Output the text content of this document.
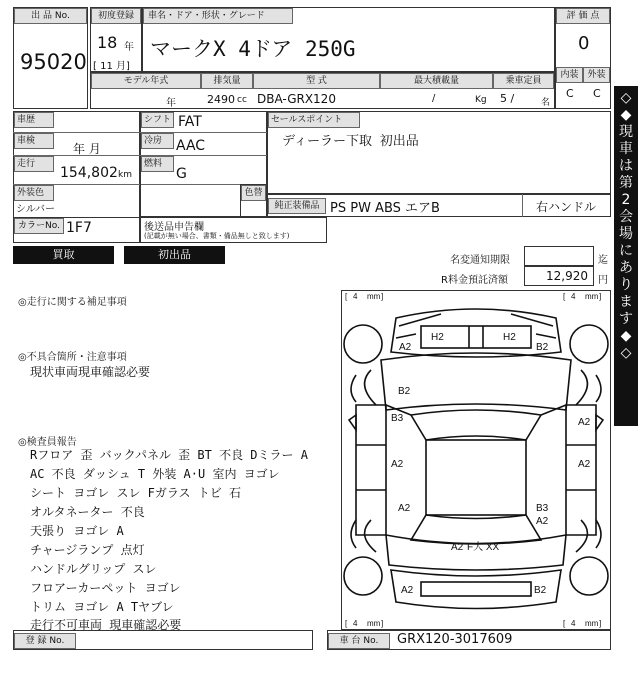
出 品 No.
95020
初度登録
18 年
[ 11 月]
車名・ドア・形状・グレード
マークX 4ドア 250G
評 価 点
0
内装 外装
C C
モデル年式
年
排気量
2490 cc
型 式
DBA-GRX120
最大積載量
/	Kg
乗車定員
5 /	名
車歴
車検
年 月
走行
154,802 km
外装色
シルバー
シフト FAT
冷房 AAC
燃料
G
色替
セールスポイント
ディーラー下取 初出品
純正装備品 PS PW ABS エアB	右ハンドル
カラーNo. 1F7	後送品申告欄
(記載が無い場合、書類・備品無しと致します)
買取	初出品	名変通知期限	迄
R料金預託済額	12,920 円
◇
◆
現
車
は
第
2
会
場
に
あ
り
ま
す
◆
◇
◎走行に関する補足事項
◎不具合箇所・注意事項
現状車両現車確認必要
◎検査員報告
Rフロア 歪 バックパネル 歪 BT 不良 Dミラー A
AC 不良 ダッシュ T 外装 A·U 室内 ヨゴレ
シート ヨゴレ スレ Fガラス トビ 石
オルタネーター 不良
天張り ヨゴレ A
チャージランプ 点灯
ハンドルグリップ スレ
フロアーカーペット ヨゴレ
トリム ヨゴレ A Tヤブレ
走行不可車両 現車確認必要
[ 4 mm ]	[ 4 mm ]
[ 4 mm ]	[ 4 mm ]
A2	B2
H2	H2
B2
B3	A2
A2	A2
A2
A2
B3
A2 F大 XX
A2	B2
登 録 No.	車 台 No.	GRX120-3017609
